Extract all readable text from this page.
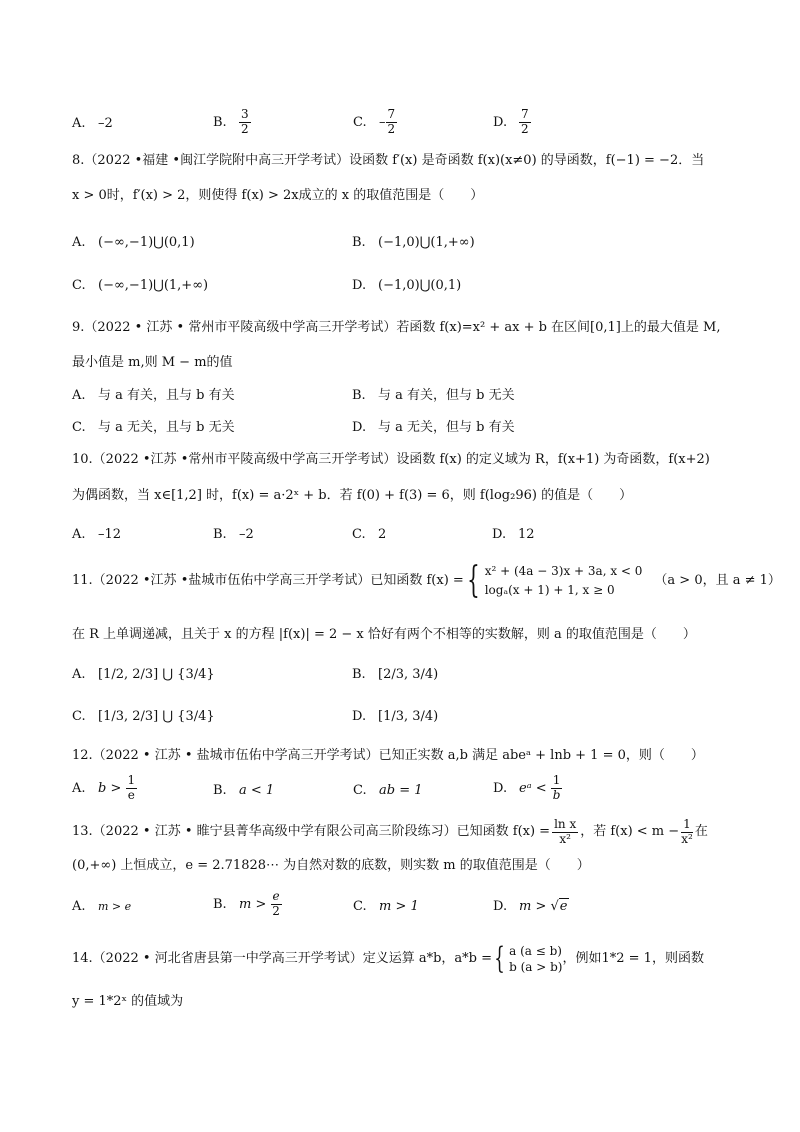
A. –2	B. $\frac{3}{2}$	C. – $\frac{7}{2}$	D. $\frac{7}{2}$
8.（2022 •福建 •闽江学院附中高三开学考试）设函数 f′(x) 是奇函数 f(x)(x≠0) 的导函数，f(−1) = −2．当
x > 0时，f′(x) > 2，则使得 f(x) > 2x成立的 x 的取值范围是（　　）
A. (−∞,−1)⋃(0,1)	B. (−1,0)⋃(1,+∞)
C. (−∞,−1)⋃(1,+∞)	D. (−1,0)⋃(0,1)
9.（2022 • 江苏 • 常州市平陵高级中学高三开学考试）若函数 f(x)=x² + ax + b 在区间[0,1]上的最大值是 M,
最小值是 m,则 M − m的值
A. 与 a 有关，且与 b 有关	B. 与 a 有关，但与 b 无关
C. 与 a 无关，且与 b 无关	D. 与 a 无关，但与 b 有关
10.（2022 •江苏 •常州市平陵高级中学高三开学考试）设函数 f(x) 的定义域为 R，f(x+1) 为奇函数，f(x+2)
为偶函数，当 x∈[1,2] 时，f(x) = a·2ˣ + b．若 f(0) + f(3) = 6，则 f(log₂96) 的值是（　　）
A. –12	B. –2	C. 2	D. 12
11.（2022 •江苏 •盐城市伍佑中学高三开学考试）已知函数 f(x) = { x² + (4a − 3)x + 3a, x < 0
logₐ(x + 1) + 1, x ≥ 0
（a > 0，且 a ≠ 1）
在 R 上单调递减，且关于 x 的方程 |f(x)| = 2 − x 恰好有两个不相等的实数解，则 a 的取值范围是（　　）
A. [1/2, 2/3] ⋃ {3/4}	B. [2/3, 3/4)
C. [1/3, 2/3] ⋃ {3/4}	D. [1/3, 3/4)
12.（2022 • 江苏 • 盐城市伍佑中学高三开学考试）已知正实数 a,b 满足 abeᵃ + lnb + 1 = 0，则（　　）
A. $b > \frac{1}{e}$	B. a < 1	C. ab = 1	D. eᵃ < $\frac{1}{b}$
13.（2022 • 江苏 • 睢宁县菁华高级中学有限公司高三阶段练习）已知函数 $f(x) = \frac{\text{ln x}}{\text{x²}}$ ，若 $f(x) < m - \frac{1}{\text{x²}}$ 在
(0,+∞) 上恒成立，e = 2.71828⋯ 为自然对数的底数，则实数 m 的取值范围是（　　）
A. m > e	B. $m > \frac{e}{2}$	C. m > 1	D. m > √e
14.（2022 • 河北省唐县第一中学高三开学考试）定义运算 a*b，a*b = { a (a ≤ b)
b (a > b)
，例如1*2 = 1，则函数
y = 1*2ˣ 的值域为
